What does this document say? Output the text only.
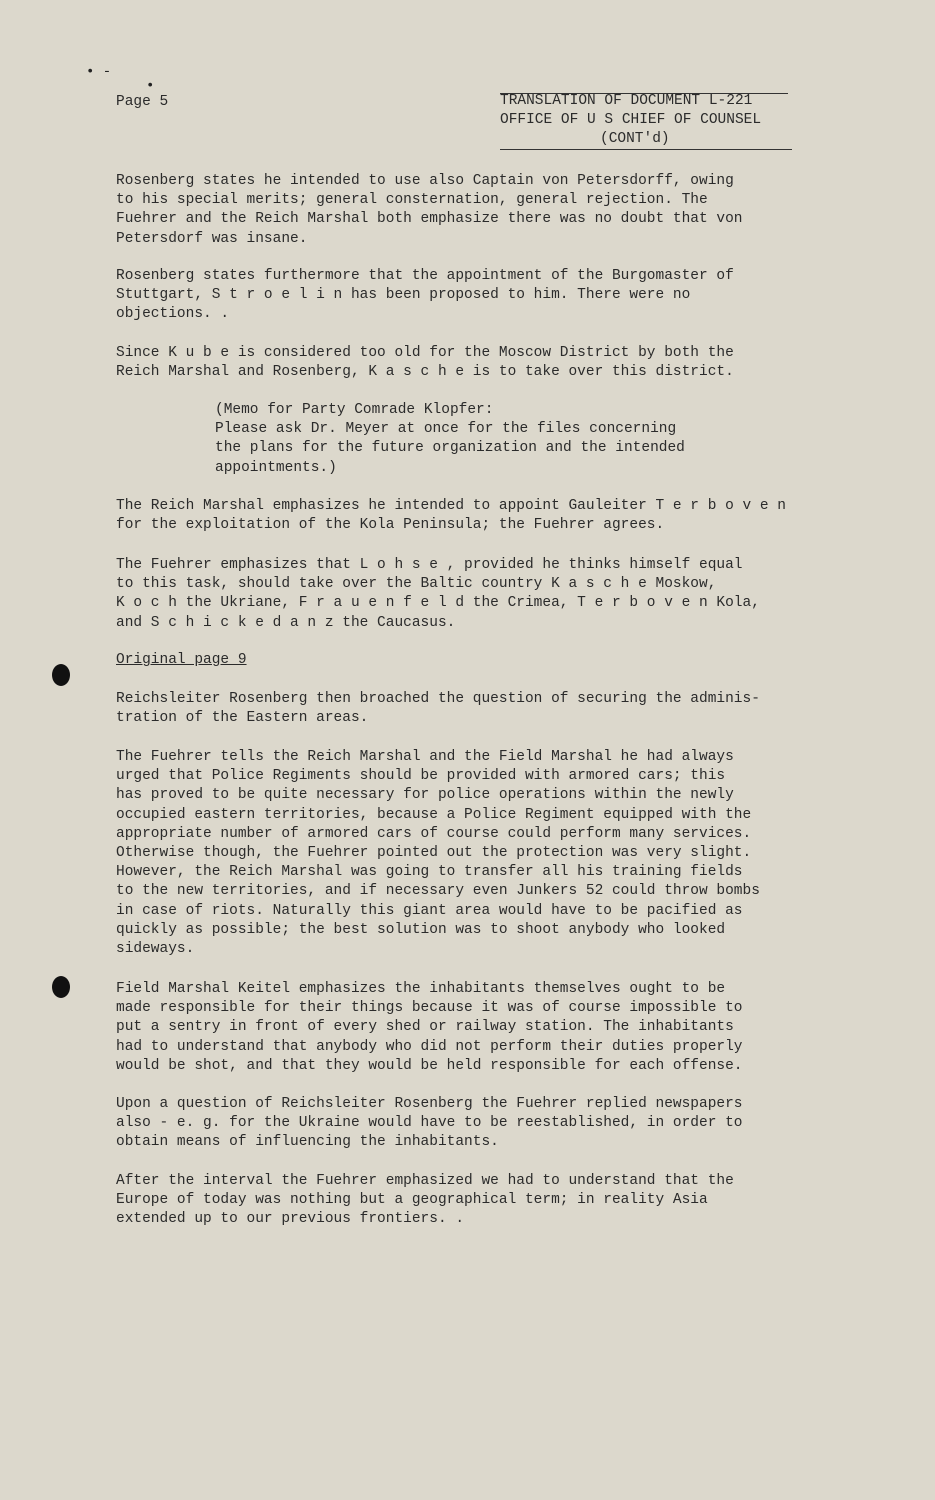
• -
•
Page 5	TRANSLATION OF DOCUMENT L-221
OFFICE OF U S CHIEF OF COUNSEL
(CONT'd)
Rosenberg states he intended to use also Captain von Petersdorff, owing
to his special merits; general consternation, general rejection. The
Fuehrer and the Reich Marshal both emphasize there was no doubt that von
Petersdorf was insane.
Rosenberg states furthermore that the appointment of the Burgomaster of
Stuttgart, S t r o e l i n has been proposed to him. There were no
objections. .
Since K u b e is considered too old for the Moscow District by both the
Reich Marshal and Rosenberg, K a s c h e is to take over this district.
(Memo for Party Comrade Klopfer:
Please ask Dr. Meyer at once for the files concerning
the plans for the future organization and the intended
appointments.)
The Reich Marshal emphasizes he intended to appoint Gauleiter T e r b o v e n
for the exploitation of the Kola Peninsula; the Fuehrer agrees.
The Fuehrer emphasizes that L o h s e , provided he thinks himself equal
to this task, should take over the Baltic country K a s c h e Moskow,
K o c h the Ukriane, F r a u e n f e l d the Crimea, T e r b o v e n Kola,
and S c h i c k e d a n z the Caucasus.
Original page 9
Reichsleiter Rosenberg then broached the question of securing the adminis-
tration of the Eastern areas.
The Fuehrer tells the Reich Marshal and the Field Marshal he had always
urged that Police Regiments should be provided with armored cars; this
has proved to be quite necessary for police operations within the newly
occupied eastern territories, because a Police Regiment equipped with the
appropriate number of armored cars of course could perform many services.
Otherwise though, the Fuehrer pointed out the protection was very slight.
However, the Reich Marshal was going to transfer all his training fields
to the new territories, and if necessary even Junkers 52 could throw bombs
in case of riots. Naturally this giant area would have to be pacified as
quickly as possible; the best solution was to shoot anybody who looked
sideways.
Field Marshal Keitel emphasizes the inhabitants themselves ought to be
made responsible for their things because it was of course impossible to
put a sentry in front of every shed or railway station. The inhabitants
had to understand that anybody who did not perform their duties properly
would be shot, and that they would be held responsible for each offense.
Upon a question of Reichsleiter Rosenberg the Fuehrer replied newspapers
also - e. g. for the Ukraine would have to be reestablished, in order to
obtain means of influencing the inhabitants.
After the interval the Fuehrer emphasized we had to understand that the
Europe of today was nothing but a geographical term; in reality Asia
extended up to our previous frontiers. .
